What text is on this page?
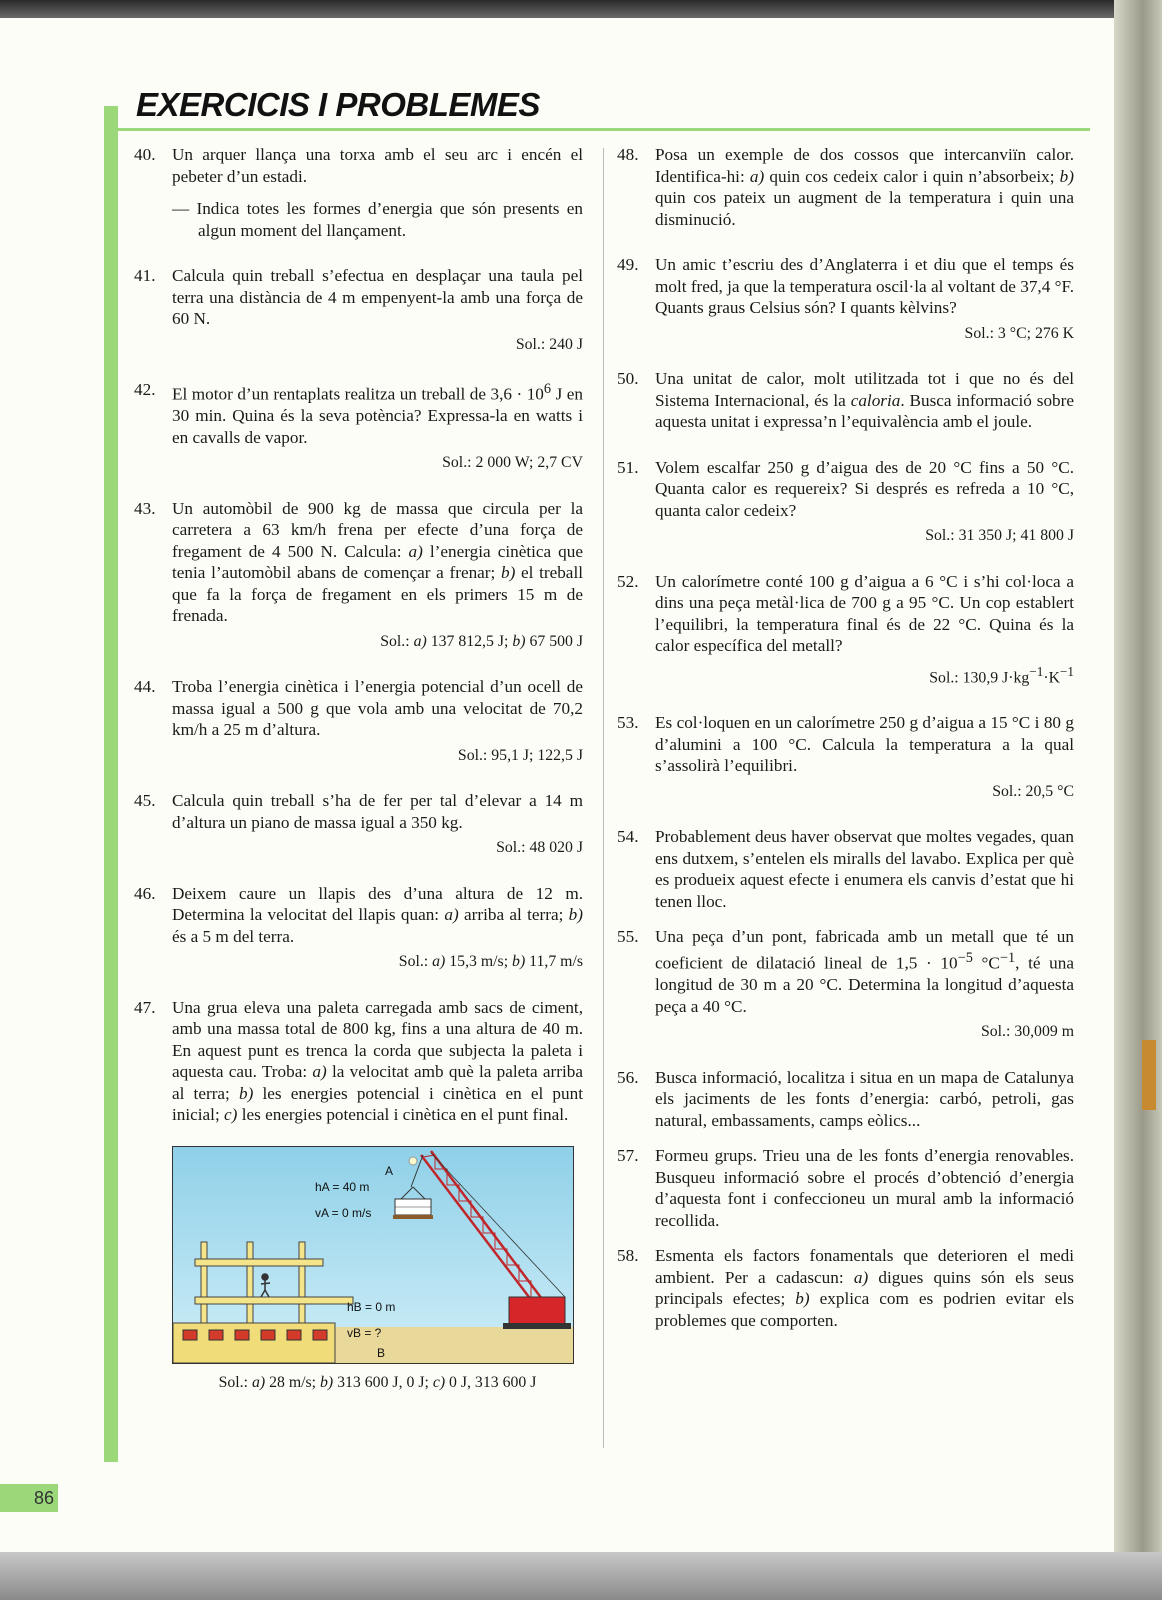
EXERCICIS I PROBLEMES
40. Un arquer llança una torxa amb el seu arc i encén el pebeter d’un estadi.

— Indica totes les formes d’energia que són presents en algun moment del llançament.

41. Calcula quin treball s’efectua en desplaçar una taula pel terra una distància de 4 m empenyent-la amb una força de 60 N.

Sol.: 240 J
42. El motor d’un rentaplats realitza un treball de $3,6 \cdot 10^6$ J en 30 min. Quina és la seva potència? Expressa-la en watts i en cavalls de vapor.

Sol.: 2 000 W; 2,7 CV
43. Un automòbil de 900 kg de massa que circula per la carretera a 63 km/h frena per efecte d’una força de fregament de 4 500 N. Calcula: a) l’energia cinètica que tenia l’automòbil abans de començar a frenar; b) el treball que fa la força de fregament en els primers 15 m de frenada.

Sol.: a) 137 812,5 J; b) 67 500 J
44. Troba l’energia cinètica i l’energia potencial d’un ocell de massa igual a 500 g que vola amb una velocitat de 70,2 km/h a 25 m d’altura.

Sol.: 95,1 J; 122,5 J
45. Calcula quin treball s’ha de fer per tal d’elevar a 14 m d’altura un piano de massa igual a 350 kg.

Sol.: 48 020 J
46. Deixem caure un llapis des d’una altura de 12 m. Determina la velocitat del llapis quan: a) arriba al terra; b) és a 5 m del terra.

Sol.: a) 15,3 m/s; b) 11,7 m/s
47. Una grua eleva una paleta carregada amb sacs de ciment, amb una massa total de 800 kg, fins a una altura de 40 m. En aquest punt es trenca la corda que subjecta la paleta i aquesta cau. Troba: a) la velocitat amb què la paleta arriba al terra; b) les energies potencial i cinètica en el punt inicial; c) les energies potencial i cinètica en el punt final.

A
hA = 40 m
vA = 0 m/s
hB = 0 m
vB = ?
B
Sol.: a) 28 m/s; b) 313 600 J, 0 J; c) 0 J, 313 600 J
48. Posa un exemple de dos cossos que intercanviïn calor. Identifica-hi: a) quin cos cedeix calor i quin n’absorbeix; b) quin cos pateix un augment de la temperatura i quin una disminució.

49. Un amic t’escriu des d’Anglaterra i et diu que el temps és molt fred, ja que la temperatura oscil·la al voltant de 37,4 °F. Quants graus Celsius són? I quants kèlvins?

Sol.: 3 °C; 276 K
50. Una unitat de calor, molt utilitzada tot i que no és del Sistema Internacional, és la caloria. Busca informació sobre aquesta unitat i expressa’n l’equivalència amb el joule.

51. Volem escalfar 250 g d’aigua des de 20 °C fins a 50 °C. Quanta calor es requereix? Si després es refreda a 10 °C, quanta calor cedeix?

Sol.: 31 350 J; 41 800 J
52. Un calorímetre conté 100 g d’aigua a 6 °C i s’hi col·loca a dins una peça metàl·lica de 700 g a 95 °C. Un cop establert l’equilibri, la temperatura final és de 22 °C. Quina és la calor específica del metall?

Sol.: 130,9 $J\cdot kg^{-1}\cdot K^{-1}$
53. Es col·loquen en un calorímetre 250 g d’aigua a 15 °C i 80 g d’alumini a 100 °C. Calcula la temperatura a la qual s’assolirà l’equilibri.

Sol.: 20,5 °C
54. Probablement deus haver observat que moltes vegades, quan ens dutxem, s’entelen els miralls del lavabo. Explica per què es produeix aquest efecte i enumera els canvis d’estat que hi tenen lloc.

55. Una peça d’un pont, fabricada amb un metall que té un coeficient de dilatació lineal de $1,5 \cdot 10^{-5}$ $^\circ C^{-1}$, té una longitud de 30 m a 20 °C. Determina la longitud d’aquesta peça a 40 °C.

Sol.: 30,009 m
56. Busca informació, localitza i situa en un mapa de Catalunya els jaciments de les fonts d’energia: carbó, petroli, gas natural, embassaments, camps eòlics...

57. Formeu grups. Trieu una de les fonts d’energia renovables. Busqueu informació sobre el procés d’obtenció d’energia d’aquesta font i confeccioneu un mural amb la informació recollida.

58. Esmenta els factors fonamentals que deterioren el medi ambient. Per a cadascun: a) digues quins són els seus principals efectes; b) explica com es podrien evitar els problemes que comporten.

86
